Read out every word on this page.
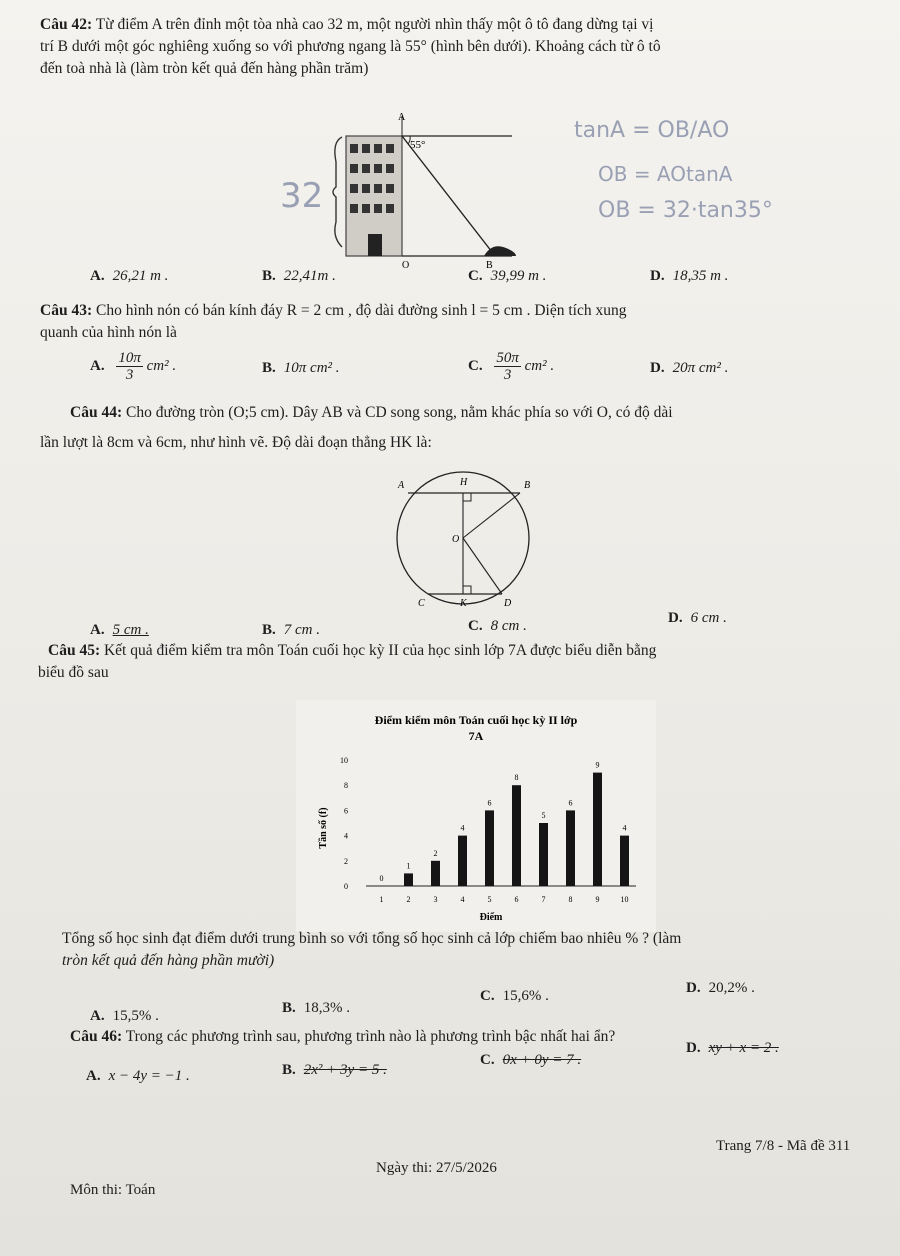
Câu 42: Từ điểm A trên đỉnh một tòa nhà cao 32 m, một người nhìn thấy một ô tô đang dừng tại vị
trí B dưới một góc nghiêng xuống so với phương ngang là 55° (hình bên dưới). Khoảng cách từ ô tô
đến toà nhà là (làm tròn kết quả đến hàng phần trăm)
32
A
55°
O	B
tanA = OB/AO
OB = AOtanA
OB = 32·tan35°
A. 26,21 m .	B. 22,41m .	C. 39,99 m .	D. 18,35 m .
Câu 43: Cho hình nón có bán kính đáy R = 2 cm , độ dài đường sinh l = 5 cm . Diện tích xung
quanh của hình nón là
A. $\frac{10\pi}{3} cm^2$ .	B. 10π cm² .	C. $\frac{50\pi}{3} cm^2$ .	D. 20π cm² .
Câu 44: Cho đường tròn (O;5 cm). Dây AB và CD song song, nằm khác phía so với O, có độ dài
lần lượt là 8cm và 6cm, như hình vẽ. Độ dài đoạn thẳng HK là:
A	H	B
O
C	K	D
A. 5 cm .	B. 7 cm .	C. 8 cm .	D. 6 cm .
Câu 45: Kết quả điểm kiểm tra môn Toán cuối học kỳ II của học sinh lớp 7A được biểu diễn bằng
biểu đồ sau
Điểm kiểm môn Toán cuối học kỳ II lớp
7A
Điểm
Tần số (f)
0
2
4
6
8
10
0
1
1
2
2
3
4
4
6
5
8
6
5
7
6
8
9
9
4
10
Tổng số học sinh đạt điểm dưới trung bình so với tổng số học sinh cả lớp chiếm bao nhiêu % ? (làm
tròn kết quả đến hàng phần mười)
A. 15,5% .	B. 18,3% .
C. 15,6% .	D. 20,2% .
Câu 46: Trong các phương trình sau, phương trình nào là phương trình bậc nhất hai ẩn?
A. x − 4y = −1 .	B. 2x² + 3y = 5 .
C. 0x + 0y = 7 .
D. xy + x = 2 .
Trang 7/8 - Mã đề 311
Ngày thi: 27/5/2026
Môn thi: Toán
